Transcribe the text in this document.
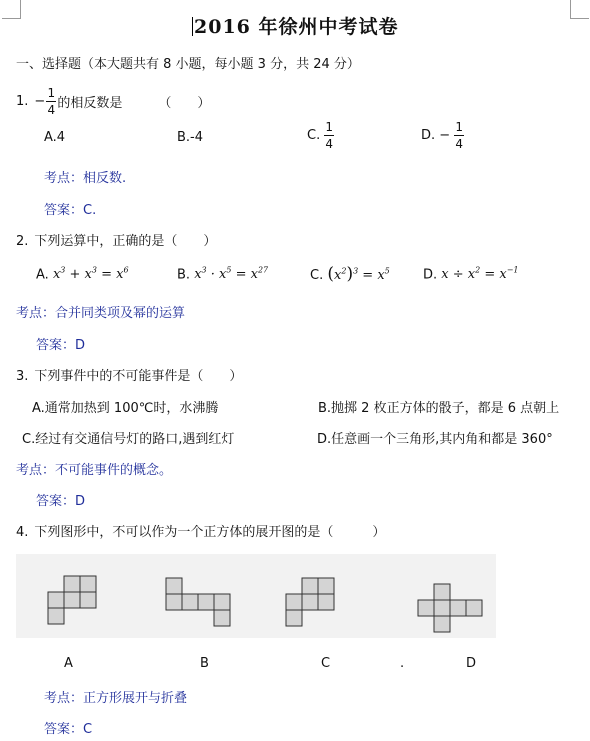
2016 年徐州中考试卷
一、选择题（本大题共有 8 小题，每小题 3 分，共 24 分）
1. − $\frac{1}{4}$ 的相反数是	（　　）
A.4	B.-4	C. $\frac{1}{4}$	D. − $\frac{1}{4}$
考点：相反数.
答案：C.
2. 下列运算中，正确的是（　　）
A. $x^3 + x^3 = x^6$	B. $x^3 \cdot x^5 = x^{27}$	C. $(x^2)^3 = x^5$	D. $x \div x^2 = x^{-1}$
考点：合并同类项及幂的运算
答案：D
3. 下列事件中的不可能事件是（　　）
A.通常加热到 100℃时，水沸腾	B.抛掷 2 枚正方体的骰子，都是 6 点朝上
C.经过有交通信号灯的路口,遇到红灯	D.任意画一个三角形,其内角和都是 360°
考点：不可能事件的概念。
答案：D
4. 下列图形中，不可以作为一个正方体的展开图的是（　　　）
A	B	C	.	D
考点：正方形展开与折叠
答案：C
